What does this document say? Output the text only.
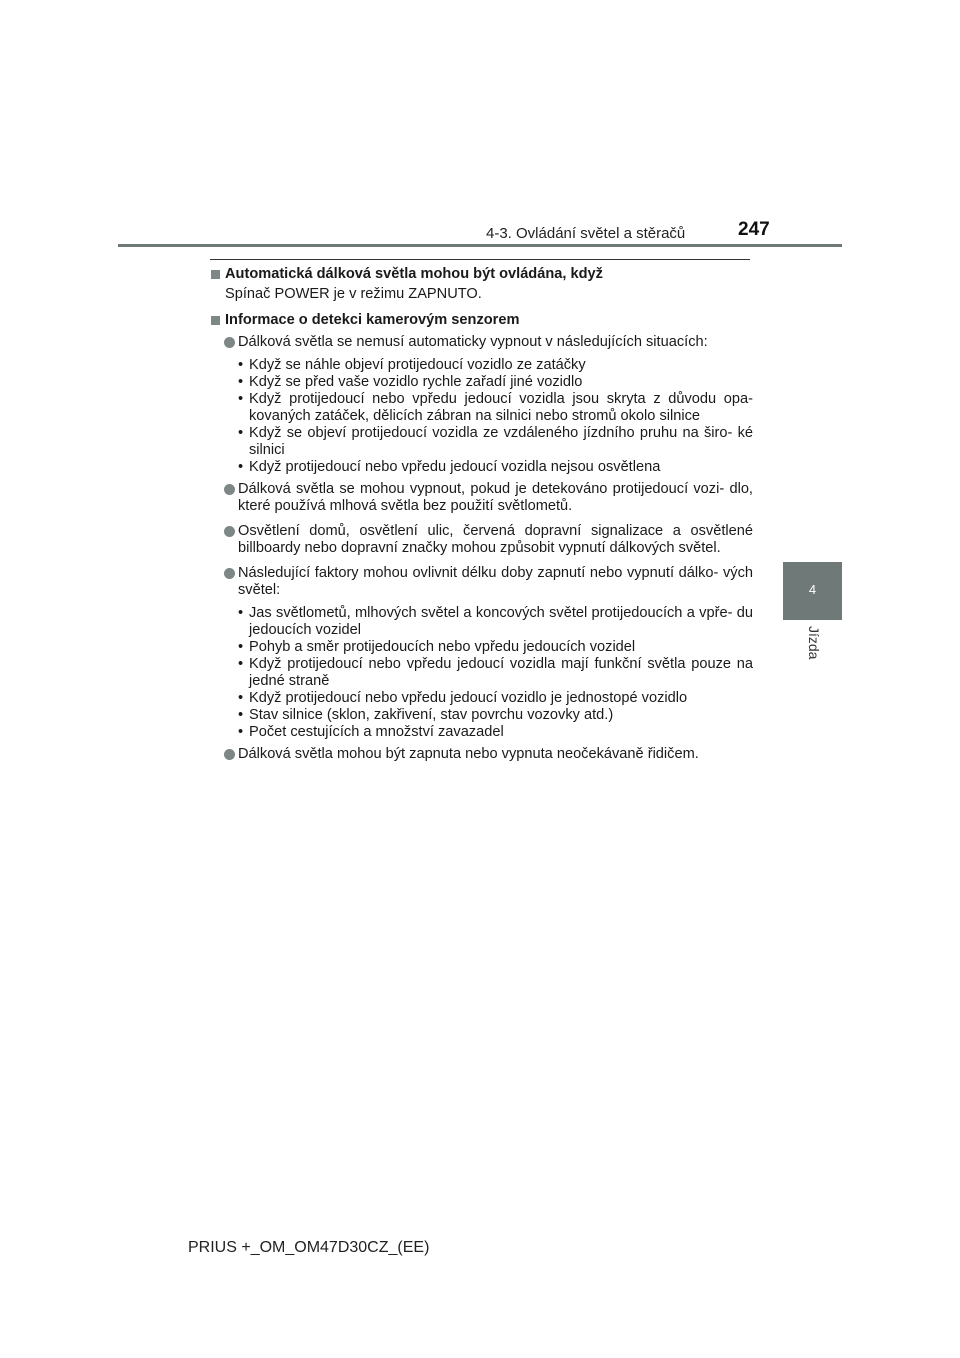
4-3. Ovládání světel a stěračů	247
4
Jízda
Automatická dálková světla mohou být ovládána, když
Spínač POWER je v režimu ZAPNUTO.
Informace o detekci kamerovým senzorem
Dálková světla se nemusí automaticky vypnout v následujících situacích:
• Když se náhle objeví protijedoucí vozidlo ze zatáčky
• Když se před vaše vozidlo rychle zařadí jiné vozidlo
• Když protijedoucí nebo vpředu jedoucí vozidla jsou skryta z důvodu opa- kovaných zatáček, dělicích zábran na silnici nebo stromů okolo silnice
• Když se objeví protijedoucí vozidla ze vzdáleného jízdního pruhu na širo- ké silnici
• Když protijedoucí nebo vpředu jedoucí vozidla nejsou osvětlena
Dálková světla se mohou vypnout, pokud je detekováno protijedoucí vozi- dlo, které používá mlhová světla bez použití světlometů.
Osvětlení domů, osvětlení ulic, červená dopravní signalizace a osvětlené billboardy nebo dopravní značky mohou způsobit vypnutí dálkových světel.
Následující faktory mohou ovlivnit délku doby zapnutí nebo vypnutí dálko- vých světel:
• Jas světlometů, mlhových světel a koncových světel protijedoucích a vpře- du jedoucích vozidel
• Pohyb a směr protijedoucích nebo vpředu jedoucích vozidel
• Když protijedoucí nebo vpředu jedoucí vozidla mají funkční světla pouze na jedné straně
• Když protijedoucí nebo vpředu jedoucí vozidlo je jednostopé vozidlo
• Stav silnice (sklon, zakřivení, stav povrchu vozovky atd.)
• Počet cestujících a množství zavazadel
Dálková světla mohou být zapnuta nebo vypnuta neočekávaně řidičem.
PRIUS +_OM_OM47D30CZ_(EE)
